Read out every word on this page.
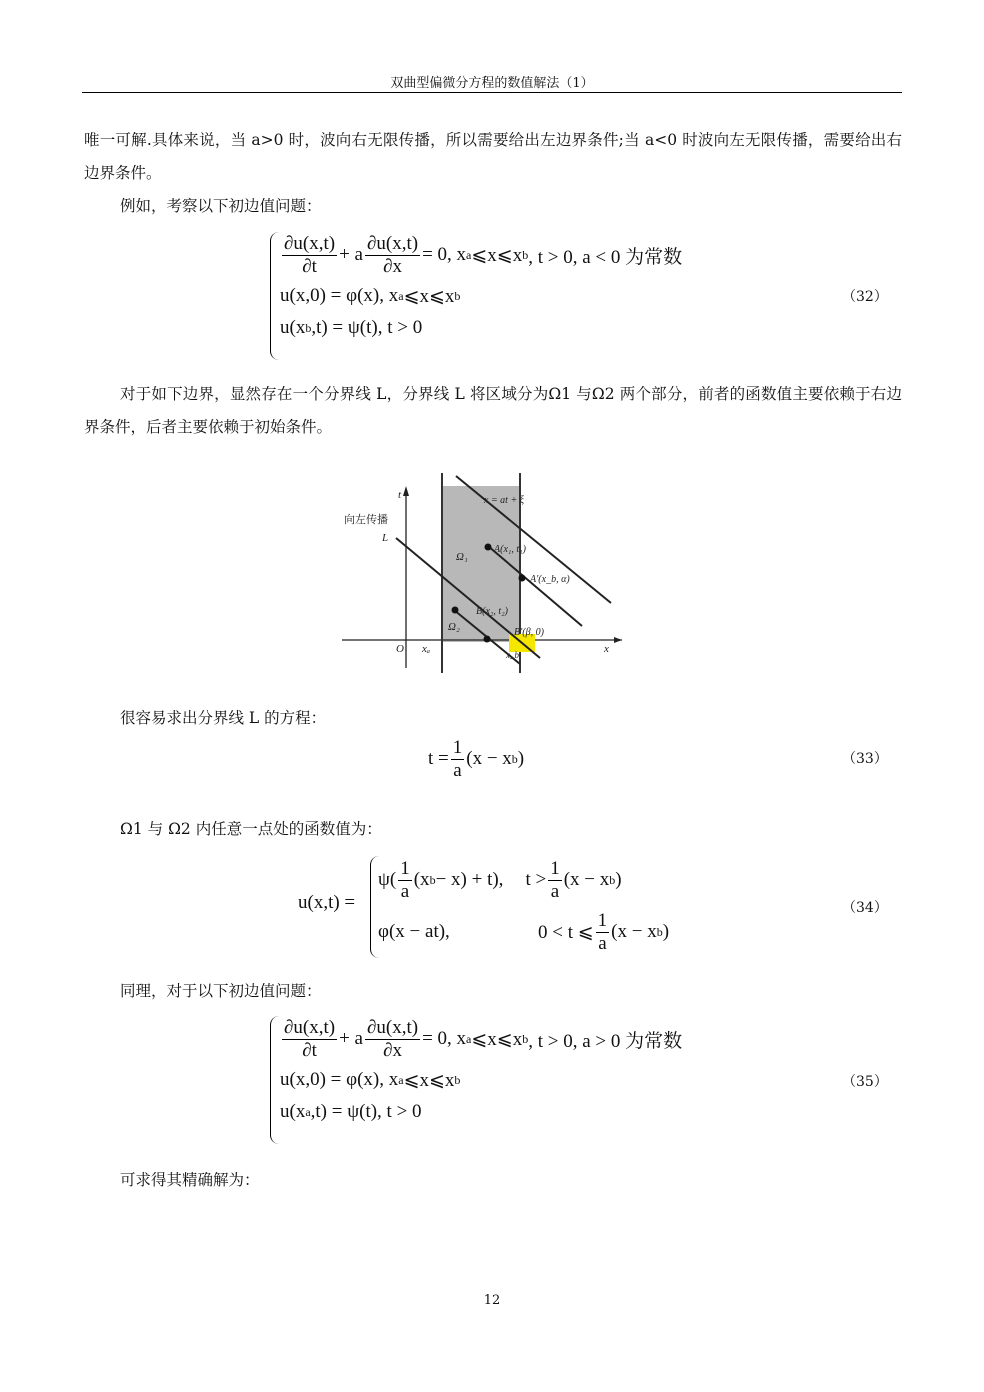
双曲型偏微分方程的数值解法（1）
唯一可解.具体来说，当 a>0 时，波向右无限传播，所以需要给出左边界条件;当 a<0 时波向左无限传播，需要给出右边界条件。
例如，考察以下初边值问题：
$\frac{\partial u(x,t)}{\partial t} + a \frac{\partial u(x,t)}{\partial x} = 0$, x a ⩽x⩽x b , t > 0, a < 0 为常数
u(x,0) = φ(x), x a ⩽x⩽x b
u(x b ,t) = ψ(t), t > 0
（32）
对于如下边界，显然存在一个分界线 L，分界线 L 将区域分为Ω1 与Ω2 两个部分，前者的函数值主要依赖于右边界条件，后者主要依赖于初始条件。
t
x
O xₐ
L
x = at + ξ
Ω₁
Ω₂
A(x₁, t₁)
A′(x_b, α)
B(x₂, t₂)
B′(β, 0)
x_b
向左传播
很容易求出分界线 L 的方程：
$t = \frac{1}{a} (x - x$ b )	（33）
Ω1 与 Ω2 内任意一点处的函数值为：
u(x,t) =
$\psi( \frac{1}{a} (x$ b − x) + t), $t > \frac{1}{a} (x - x$ b )
φ(x − at),	0 < t ⩽ $\frac{1}{a} (x - x$ b )
（34）
同理，对于以下初边值问题：
$\frac{\partial u(x,t)}{\partial t} + a \frac{\partial u(x,t)}{\partial x} = 0$, x a ⩽x⩽x b , t > 0, a > 0 为常数
u(x,0) = φ(x), x a ⩽x⩽x b
u(x a ,t) = ψ(t), t > 0
（35）
可求得其精确解为：
12
